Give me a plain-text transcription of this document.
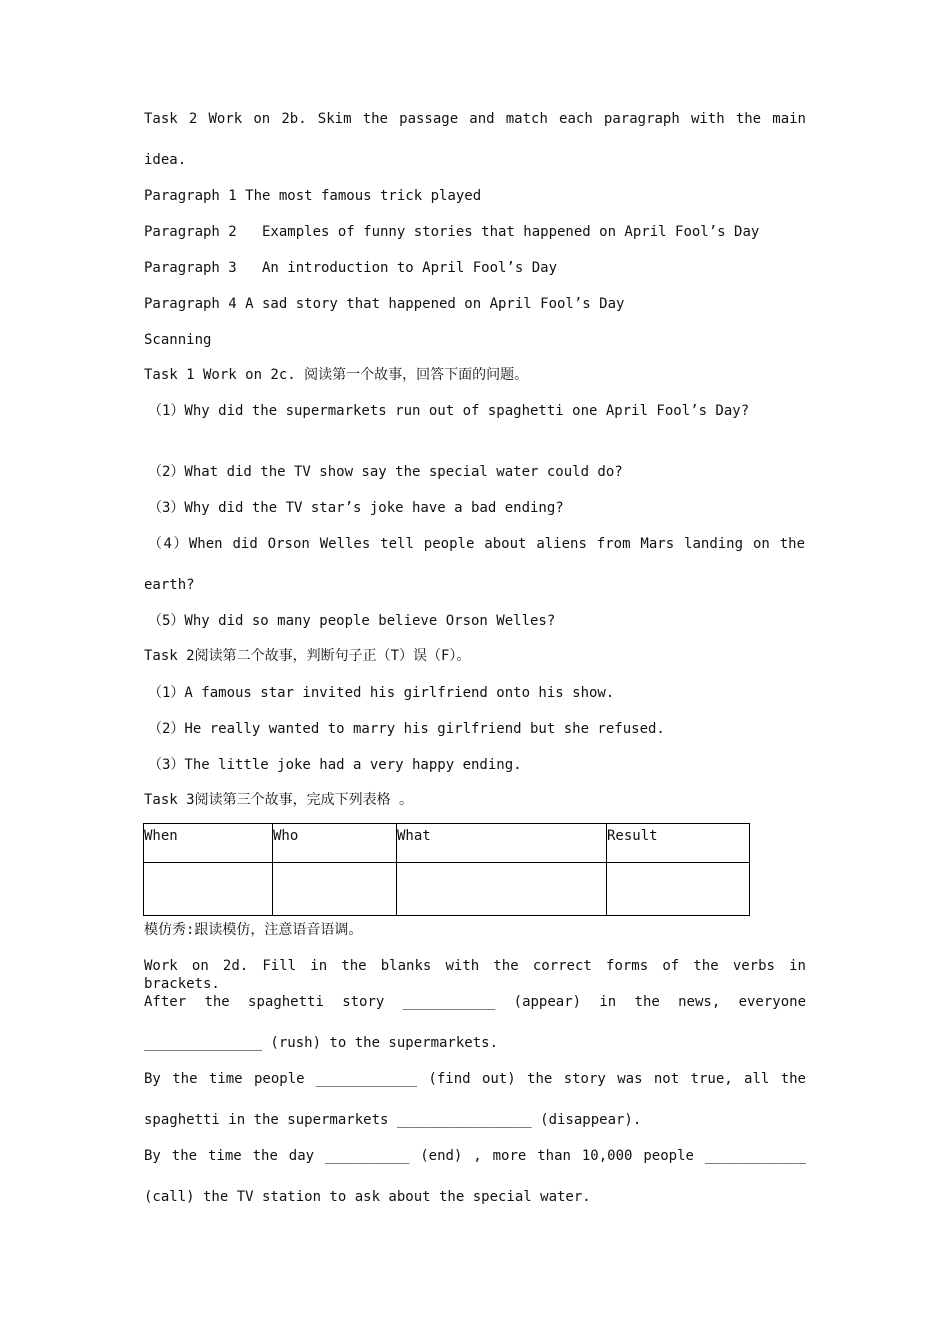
Task 2 Work on 2b. Skim the passage and match each paragraph with the main
idea.
Paragraph 1 The most famous trick played
Paragraph 2   Examples of funny stories that happened on April Fool’s Day
Paragraph 3   An introduction to April Fool’s Day
Paragraph 4 A sad story that happened on April Fool’s Day
Scanning
Task 1 Work on 2c. 阅读第一个故事，回答下面的问题。
（1）Why did the supermarkets run out of spaghetti one April Fool’s Day?
（2）What did the TV show say the special water could do?
（3）Why did the TV star’s joke have a bad ending?
（4）When did Orson Welles tell people about aliens from Mars landing on the
earth?
（5）Why did so many people believe Orson Welles?
Task 2阅读第二个故事，判断句子正（T）误（F）。
（1）A famous star invited his girlfriend onto his show.
（2）He really wanted to marry his girlfriend but she refused.
（3）The little joke had a very happy ending.
Task 3阅读第三个故事，完成下列表格 。
When	Who	What	Result

模仿秀:跟读模仿，注意语音语调。
Work on 2d. Fill in the blanks with the correct forms of the verbs in brackets.
After the spaghetti story ___________ (appear) in the news, everyone
______________ (rush) to the supermarkets.
By the time people ____________ (find out) the story was not true, all the
spaghetti in the supermarkets ________________ (disappear).
By the time the day __________ (end) , more than 10,000 people ____________
(call) the TV station to ask about the special water.
